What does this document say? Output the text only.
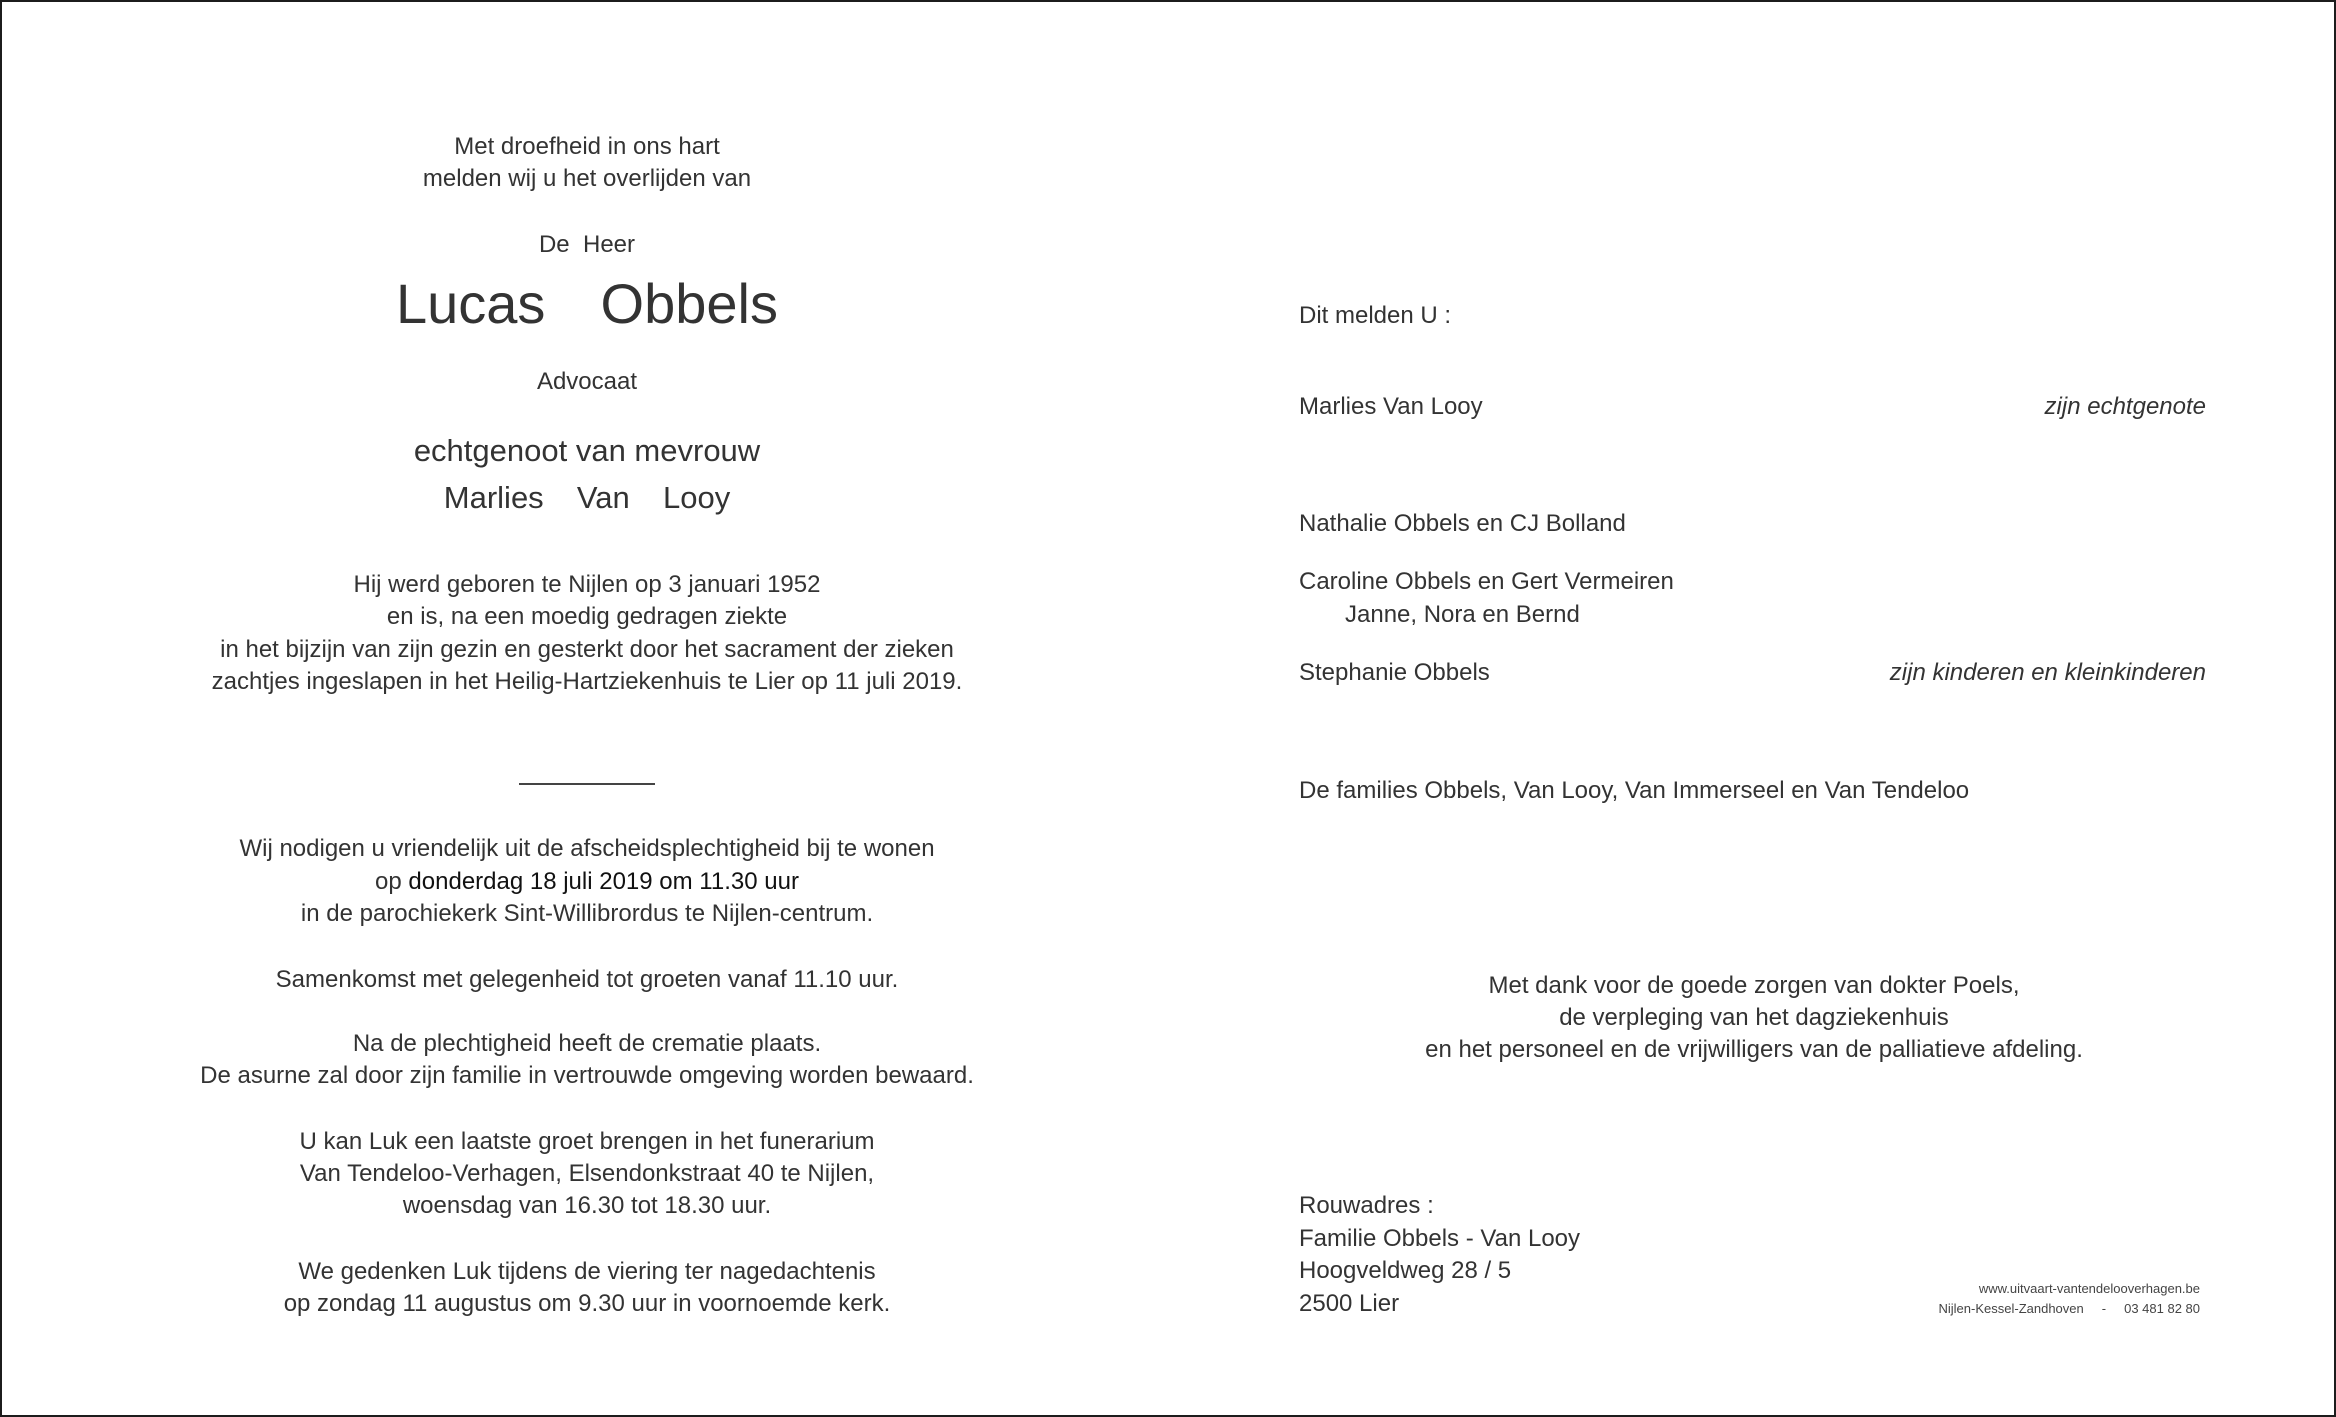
Met droefheid in ons hart
melden wij u het overlijden van
De  Heer
Lucas  Obbels
Advocaat
echtgenoot van mevrouw
Marlies  Van  Looy
Hij werd geboren te Nijlen op 3 januari 1952
en is, na een moedig gedragen ziekte
in het bijzijn van zijn gezin en gesterkt door het sacrament der zieken
zachtjes ingeslapen in het Heilig-Hartziekenhuis te Lier op 11 juli 2019.
Wij nodigen u vriendelijk uit de afscheidsplechtigheid bij te wonen
op donderdag 18 juli 2019 om 11.30 uur
in de parochiekerk Sint-Willibrordus te Nijlen-centrum.
Samenkomst met gelegenheid tot groeten vanaf 11.10 uur.
Na de plechtigheid heeft de crematie plaats.
De asurne zal door zijn familie in vertrouwde omgeving worden bewaard.
U kan Luk een laatste groet brengen in het funerarium
Van Tendeloo-Verhagen, Elsendonkstraat 40 te Nijlen,
woensdag van 16.30 tot 18.30 uur.
We gedenken Luk tijdens de viering ter nagedachtenis
op zondag 11 augustus om 9.30 uur in voornoemde kerk.
Dit melden U :
Marlies Van Looy	zijn echtgenote
Nathalie Obbels en CJ Bolland
Caroline Obbels en Gert Vermeiren
Janne, Nora en Bernd
Stephanie Obbels	zijn kinderen en kleinkinderen
De families Obbels, Van Looy, Van Immerseel en Van Tendeloo
Met dank voor de goede zorgen van dokter Poels,
de verpleging van het dagziekenhuis
en het personeel en de vrijwilligers van de palliatieve afdeling.
Rouwadres :
Familie Obbels - Van Looy
Hoogveldweg 28 / 5
2500 Lier
www.uitvaart-vantendelooverhagen.be
Nijlen-Kessel-Zandhoven - 03 481 82 80
